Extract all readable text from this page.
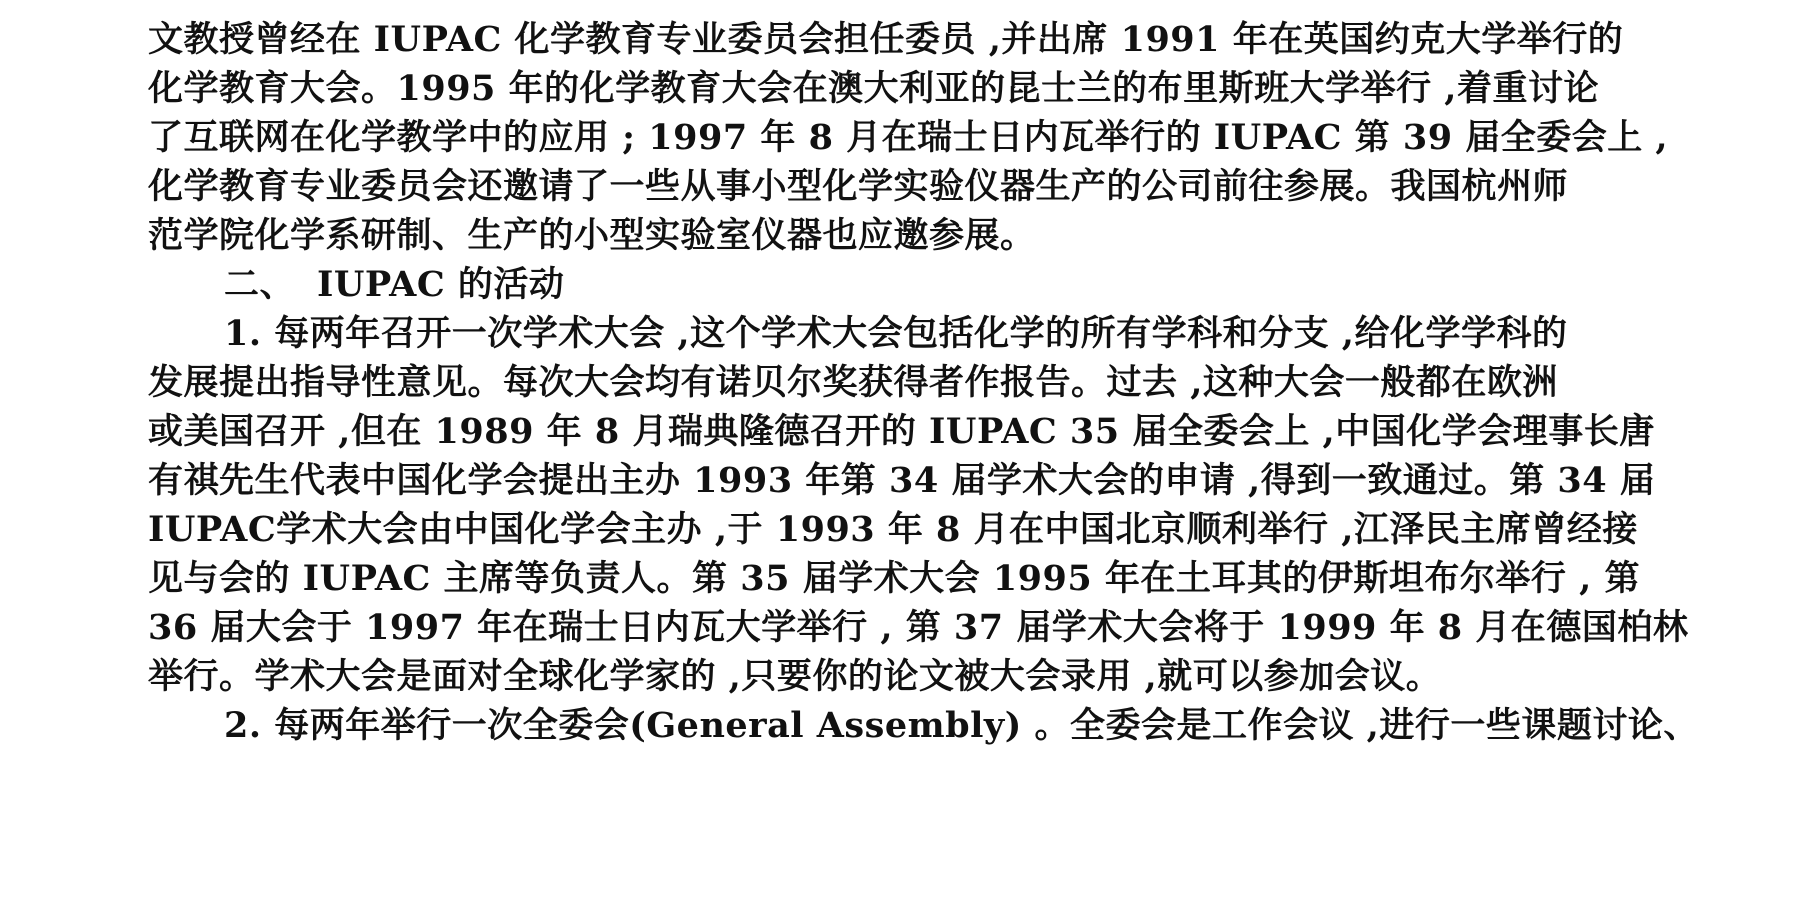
文教授曾经在 IUPAC 化学教育专业委员会担任委员 ,并出席 1991 年在英国约克大学举行的
化学教育大会。1995 年的化学教育大会在澳大利亚的昆士兰的布里斯班大学举行 ,着重讨论
了互联网在化学教学中的应用 ; 1997 年 8 月在瑞士日内瓦举行的 IUPAC 第 39 届全委会上 ,
化学教育专业委员会还邀请了一些从事小型化学实验仪器生产的公司前往参展。我国杭州师
范学院化学系研制、生产的小型实验室仪器也应邀参展。
二、 IUPAC 的活动
1. 每两年召开一次学术大会 ,这个学术大会包括化学的所有学科和分支 ,给化学学科的
发展提出指导性意见。每次大会均有诺贝尔奖获得者作报告。过去 ,这种大会一般都在欧洲
或美国召开 ,但在 1989 年 8 月瑞典隆德召开的 IUPAC 35 届全委会上 ,中国化学会理事长唐
有祺先生代表中国化学会提出主办 1993 年第 34 届学术大会的申请 ,得到一致通过。第 34 届
IUPAC学术大会由中国化学会主办 ,于 1993 年 8 月在中国北京顺利举行 ,江泽民主席曾经接
见与会的 IUPAC 主席等负责人。第 35 届学术大会 1995 年在土耳其的伊斯坦布尔举行 , 第
36 届大会于 1997 年在瑞士日内瓦大学举行 , 第 37 届学术大会将于 1999 年 8 月在德国柏林
举行。学术大会是面对全球化学家的 ,只要你的论文被大会录用 ,就可以参加会议。
2. 每两年举行一次全委会(General Assembly) 。全委会是工作会议 ,进行一些课题讨论、
